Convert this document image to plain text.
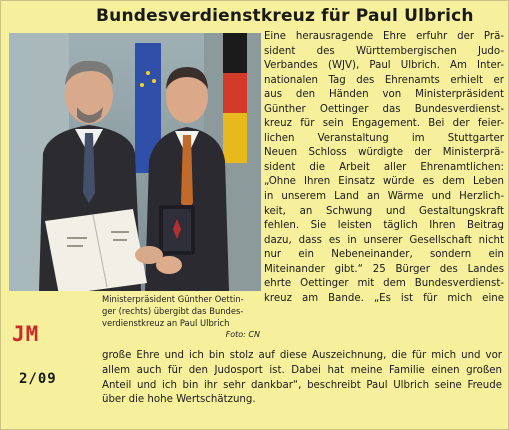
Bundesverdienstkreuz für Paul Ulbrich
Ministerpräsident Günther Oettin-
ger (rechts) übergibt das Bundes-
verdienstkreuz an Paul Ulbrich
Foto: CN
JM
2/09
Eine herausragende Ehre erfuhr der Prä-
sident des Württembergischen Judo-
Verbandes (WJV), Paul Ulbrich. Am Inter-
nationalen Tag des Ehrenamts erhielt er
aus den Händen von Ministerpräsident
Günther Oettinger das Bundesverdienst-
kreuz für sein Engagement. Bei der feier-
lichen Veranstaltung im Stuttgarter
Neuen Schloss würdigte der Ministerprä-
sident die Arbeit aller Ehrenamtlichen:
„Ohne Ihren Einsatz würde es dem Leben
in unserem Land an Wärme und Herzlich-
keit, an Schwung und Gestaltungskraft
fehlen. Sie leisten täglich Ihren Beitrag
dazu, dass es in unserer Gesellschaft nicht
nur ein Nebeneinander, sondern ein
Miteinander gibt.“ 25 Bürger des Landes
ehrte Oettinger mit dem Bundesverdienst-
kreuz am Bande. „Es ist für mich eine
große Ehre und ich bin stolz auf diese Auszeichnung, die für mich und vor
allem auch für den Judosport ist. Dabei hat meine Familie einen großen
Anteil und ich bin ihr sehr dankbar“, beschreibt Paul Ulbrich seine Freude
über die hohe Wertschätzung.
